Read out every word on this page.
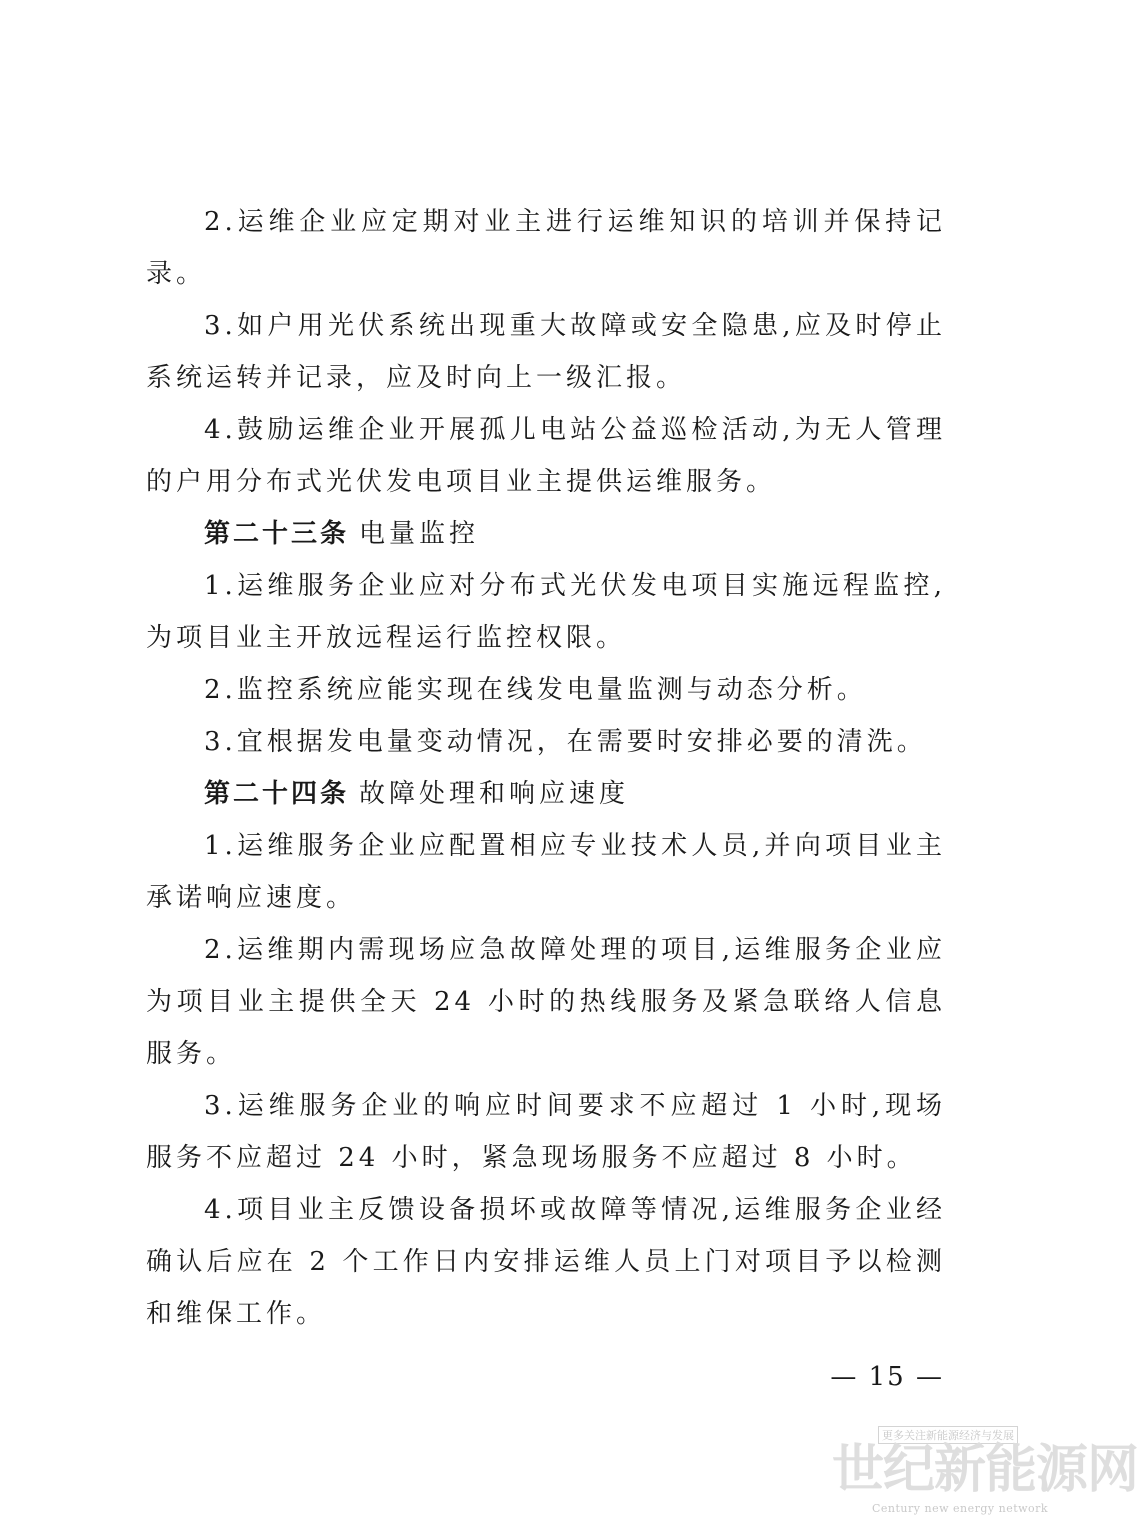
2.运维企业应定期对业主进行运维知识的培训并保持记录。

3.如户用光伏系统出现重大故障或安全隐患,应及时停止系统运转并记录，应及时向上一级汇报。

4.鼓励运维企业开展孤儿电站公益巡检活动,为无人管理的户用分布式光伏发电项目业主提供运维服务。

第二十三条 电量监控

1.运维服务企业应对分布式光伏发电项目实施远程监控,为项目业主开放远程运行监控权限。

2.监控系统应能实现在线发电量监测与动态分析。

3.宜根据发电量变动情况，在需要时安排必要的清洗。

第二十四条 故障处理和响应速度

1.运维服务企业应配置相应专业技术人员,并向项目业主承诺响应速度。

2.运维期内需现场应急故障处理的项目,运维服务企业应为项目业主提供全天 24 小时的热线服务及紧急联络人信息服务。

3.运维服务企业的响应时间要求不应超过 1 小时,现场服务不应超过 24 小时，紧急现场服务不应超过 8 小时。

4.项目业主反馈设备损坏或故障等情况,运维服务企业经确认后应在 2 个工作日内安排运维人员上门对项目予以检测和维保工作。

— 15 —
更多关注新能源经济与发展
世纪新能源网
Century new energy network
